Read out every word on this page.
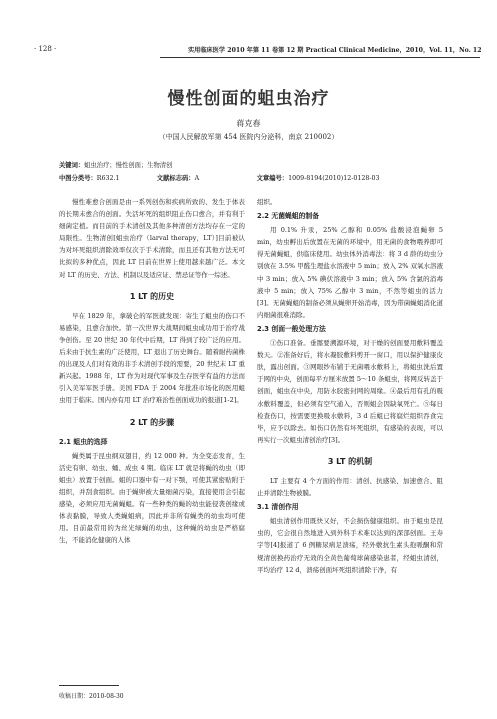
· 128 ·	实用临床医学 2010 年第 11 卷第 12 期 Practical Clinical Medicine，2010，Vol. 11，No. 12
慢性创面的蛆虫治疗
蒋克春
（中国人民解放军第 454 医院内分泌科，南京 210002）
关键词：蛆虫治疗；慢性创面；生物清创
中图分类号：R632.1	文献标志码：A	文章编号：1009-8194(2010)12-0128-03

慢性难愈合创面是由一系列创伤和疾病所致的、发生于体表的长期未愈合的创面。失活坏死的组织阻止伤口愈合，并有利于细菌定植。而目前的手术清创及其他多种清创方法均存在一定的局限性。生物清创[蛆虫治疗（larval therapy，LT）]目前被认为对坏死组织清除效率仅次于手术清除，而且还有其他方法无可比拟的多种优点，因此 LT 目前在世界上使用越来越广泛。本文对 LT 的历史、方法、机制以及适应证、禁忌证等作一综述。

1 LT 的历史

早在 1829 年，拿破仑的军医就发现：寄生了蛆虫的伤口不易感染，且愈合加快。第一次世界大战期间蛆虫成功用于治疗战争创伤。至 20 世纪 30 年代中后期，LT 得到了较广泛的应用。后来由于抗生素的广泛使用，LT 退出了历史舞台。随着耐药菌株的出现及人们对有效的非手术清创手段的需要，20 世纪末 LT 重新兴起。1988 年，LT 作为对现代军事及生存医学有益的方法而引入美军军医手册。美国 FDA 于 2004 年批准市场化的医用蛆虫用于临床。国内亦有用 LT 治疗难治性创面成功的报道[1-2]。

2 LT 的步骤
2.1 蛆虫的选择

蝇类属于昆虫纲双翅目，约 12 000 种。为全变态发育，生活史有卵、幼虫、蛹、成虫 4 期。临床 LT 就是将蝇的幼虫（即蛆虫）放置于创面。蛆的口器中有一对下颚，可使其紧密贴附于组织，并刮食组织。由于蝇卵被大量细菌污染，直接使用会引起感染，必须应用无菌蝇蛆。有一些种类的蝇的幼虫能侵袭创缘或体表黏膜，导致人类蝇蛆病，因此并非所有蝇类的幼虫均可使用。目前最常用的为丝光绿蝇的幼虫，这种蝇的幼虫是严格腐生，不能消化健康的人体

组织。

2.2 无菌蝇蛆的制备

用 0.1% 升汞，25% 乙醇和 0.05% 盐酸浸泡蝇卵 5 min，幼虫孵出后放置在无菌的环境中，用无菌的食物喂养即可得无菌蝇蛆，供临床使用。幼虫体外消毒法：将 3 d 龄的幼虫分别放在 3.5% 甲醛生理盐水溶液中 5 min；放入 2% 双氧水溶液中 3 min；放入 5% 碘伏溶液中 3 min；放入 5% 含氯的消毒液中 5 min；放入 75% 乙醇中 3 min，不然等蛆虫的活力[3]。无菌蝇蛆的制备必须从蝇卵开始消毒，因为带菌蝇蛆消化道内细菌很难消除。

2.3 创面一般处理方法

①伤口准备。垂髂要溯源环境，对干燥的创面要用敷料覆盖数天。②准备好后，将水凝胶敷料剪开一窗口，用以保护健康皮肤，露出创面。③网眼纱布铺于无菌喂水敷料上，将蛆虫洗后置于网的中央，创面每平方厘米放置 5～10 条蛆虫，将网反转盖于创面，蛆虫在中央，用防水胶密封网的周缘。④最后用有孔的吸水敷料覆盖，但必须有空气通入，否则蛆会因缺氧死亡。⑤每日检查伤口，按需要更换吸水敷料，3 d 后蛆已将腐烂组织吞食完毕，应予以除去。如伤口仍然有坏死组织，有感染的表现，可以再实行一次蛆虫清创治疗[3]。

3 LT 的机制

LT 主要有 4 个方面的作用：清创、抗感染、加速愈合、阻止并清除生物被膜。

3.1 清创作用

蛆虫清创作用既快又好，不会损伤健康组织。由于蛆虫是昆虫的，它会很自然地进入到外科手术难以达到的深部创面。王寿宇等[4]报道了 6 例糖尿病足溃疡，经外敷抗生素头孢哌酮和常规清创换药治疗无效的全黄色葡萄球菌感染患者，经蛆虫清创，平均治疗 12 d，溃疡创面坏死组织清除干净，有

收稿日期：2010-08-30
